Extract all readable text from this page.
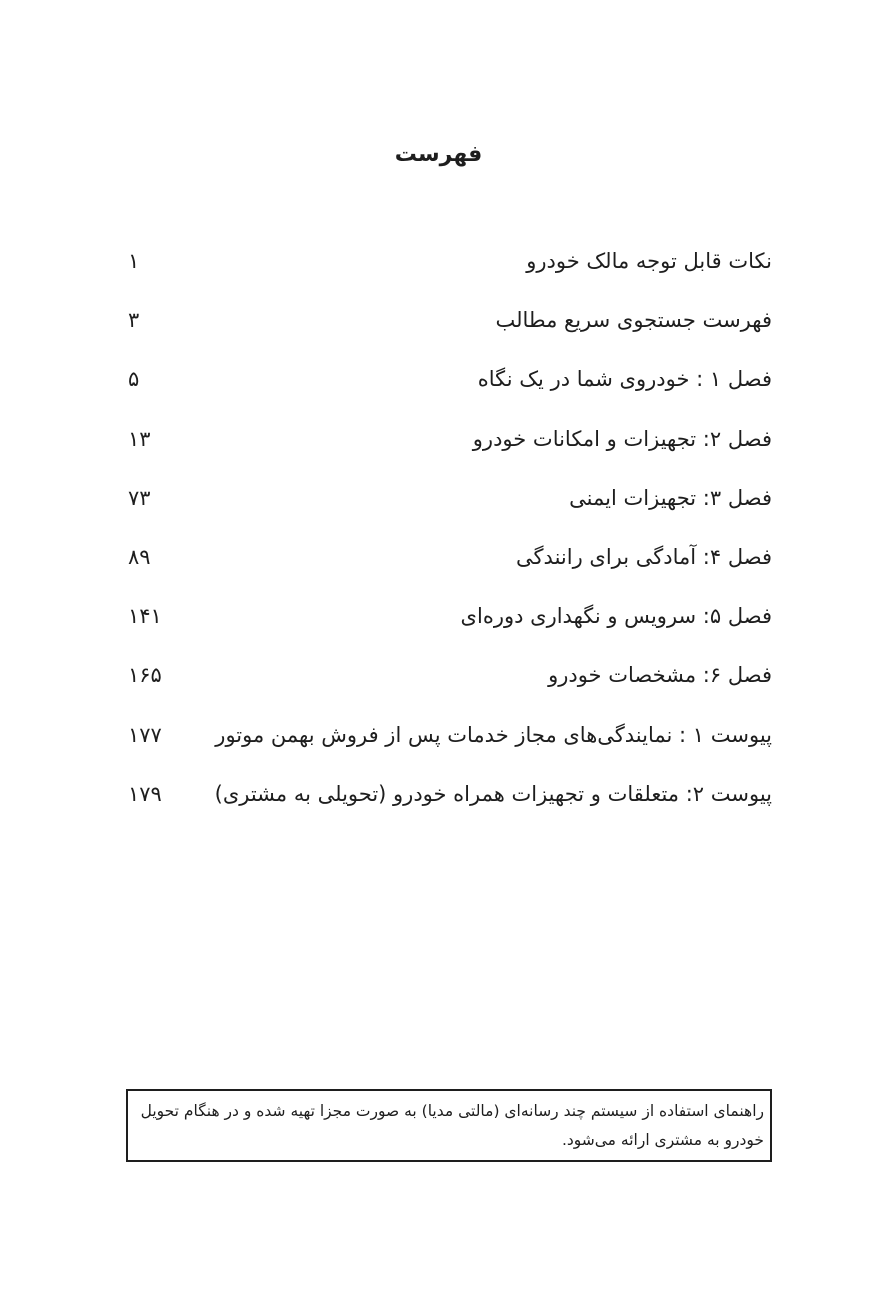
فهرست
نکات قابل توجه مالک خودرو
۱
فهرست جستجوی سریع مطالب
۳
فصل ۱ : خودروی شما در یک نگاه
۵
فصل ۲: تجهیزات و امکانات خودرو
۱۳
فصل ۳: تجهیزات ایمنی
۷۳
فصل ۴: آمادگی برای رانندگی
۸۹
فصل ۵: سرویس و نگهداری دوره‌ای
۱۴۱
فصل ۶: مشخصات خودرو
۱۶۵
پیوست ۱ : نمایندگی‌های مجاز خدمات پس از فروش بهمن موتور
۱۷۷
پیوست ۲: متعلقات و تجهیزات همراه خودرو (تحویلی به مشتری)
۱۷۹
راهنمای استفاده از سیستم چند رسانه‌ای (مالتی مدیا) به صورت مجزا تهیه شده و در هنگام تحویل خودرو به مشتری ارائه می‌شود.
